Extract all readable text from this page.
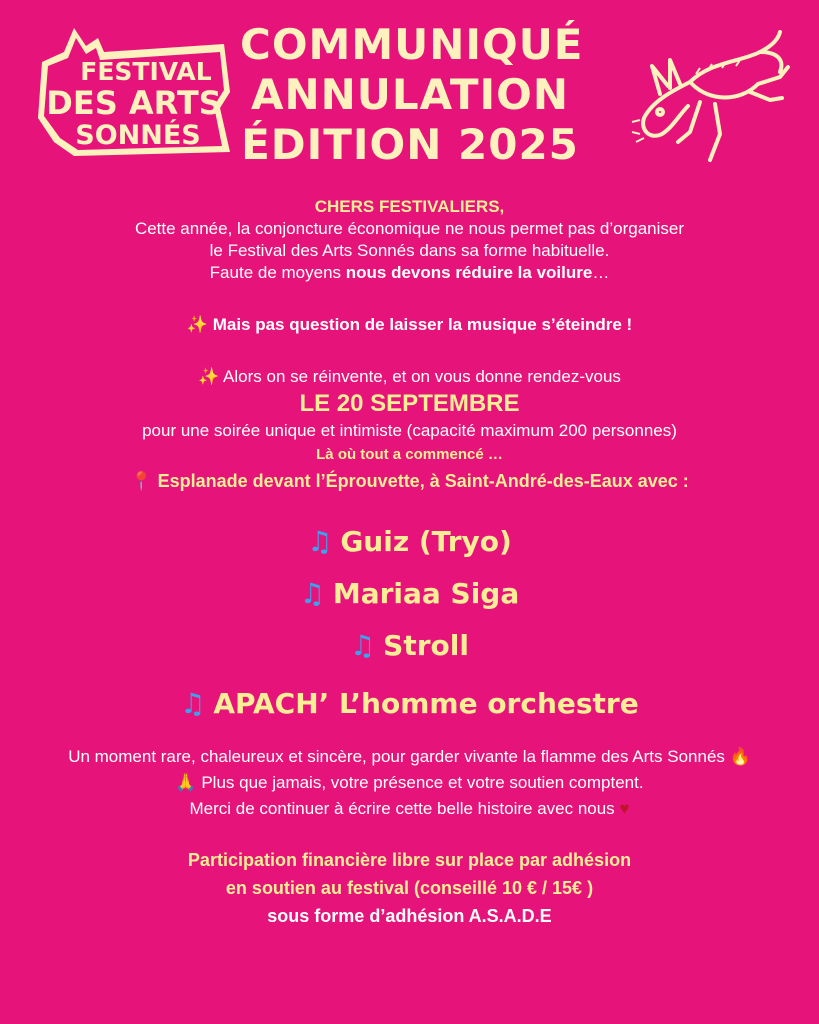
FESTIVAL
DES ARTS
SONNÉS
COMMUNIQUÉ
ANNULATION
ÉDITION 2025
CHERS FESTIVALIERS,
Cette année, la conjoncture économique ne nous permet pas d’organiser
le Festival des Arts Sonnés dans sa forme habituelle.
Faute de moyens nous devons réduire la voilure…
✨ Mais pas question de laisser la musique s’éteindre !
✨ Alors on se réinvente, et on vous donne rendez-vous
LE 20 SEPTEMBRE
pour une soirée unique et intimiste (capacité maximum 200 personnes)
Là où tout a commencé …
📍 Esplanade devant l’Éprouvette, à Saint-André-des-Eaux avec :
♫ Guiz (Tryo)
♫ Mariaa Siga
♫ Stroll
♫ APACH’ L’homme orchestre
Un moment rare, chaleureux et sincère, pour garder vivante la flamme des Arts Sonnés 🔥
🙏 Plus que jamais, votre présence et votre soutien comptent.
Merci de continuer à écrire cette belle histoire avec nous ♥
Participation financière libre sur place par adhésion
en soutien au festival (conseillé 10 € / 15€ )
sous forme d’adhésion A.S.A.D.E
